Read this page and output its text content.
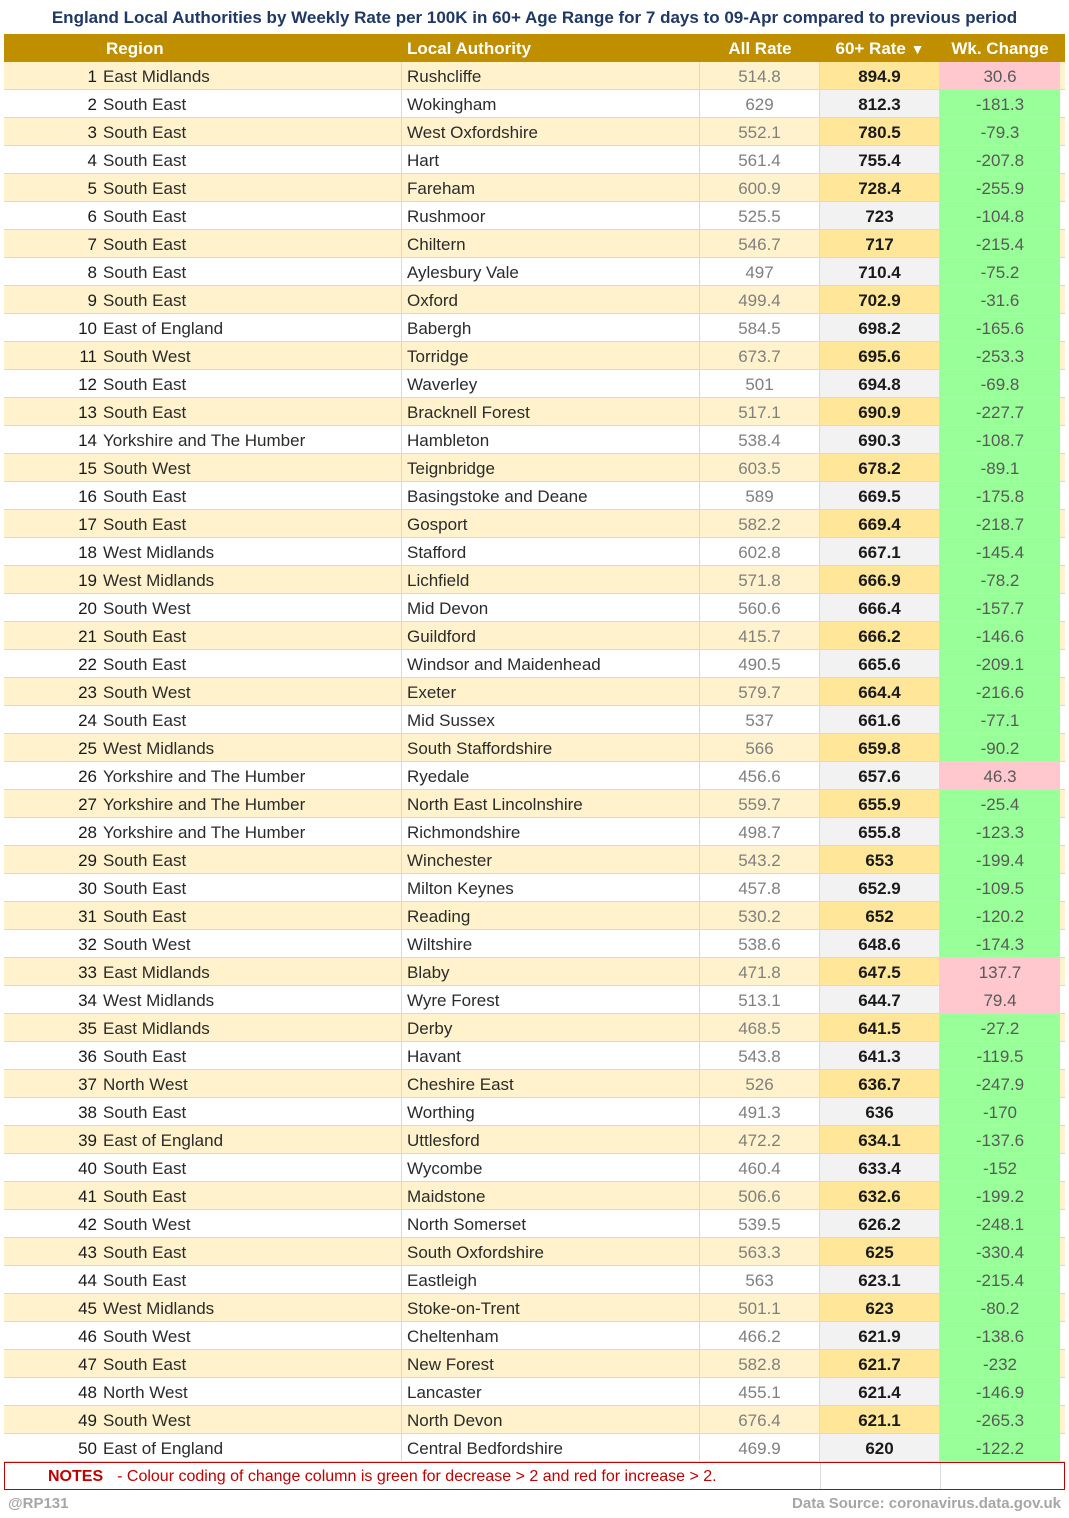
England Local Authorities by Weekly Rate per 100K in 60+ Age Range for 7 days to 09-Apr compared to previous period
Region	Local Authority	All Rate	60+ Rate ▼	Wk. Change
1 East Midlands	Rushcliffe	514.8	894.9	30.6
2 South East	Wokingham	629	812.3	-181.3
3 South East	West Oxfordshire	552.1	780.5	-79.3
4 South East	Hart	561.4	755.4	-207.8
5 South East	Fareham	600.9	728.4	-255.9
6 South East	Rushmoor	525.5	723	-104.8
7 South East	Chiltern	546.7	717	-215.4
8 South East	Aylesbury Vale	497	710.4	-75.2
9 South East	Oxford	499.4	702.9	-31.6
10 East of England	Babergh	584.5	698.2	-165.6
11 South West	Torridge	673.7	695.6	-253.3
12 South East	Waverley	501	694.8	-69.8
13 South East	Bracknell Forest	517.1	690.9	-227.7
14 Yorkshire and The Humber	Hambleton	538.4	690.3	-108.7
15 South West	Teignbridge	603.5	678.2	-89.1
16 South East	Basingstoke and Deane	589	669.5	-175.8
17 South East	Gosport	582.2	669.4	-218.7
18 West Midlands	Stafford	602.8	667.1	-145.4
19 West Midlands	Lichfield	571.8	666.9	-78.2
20 South West	Mid Devon	560.6	666.4	-157.7
21 South East	Guildford	415.7	666.2	-146.6
22 South East	Windsor and Maidenhead	490.5	665.6	-209.1
23 South West	Exeter	579.7	664.4	-216.6
24 South East	Mid Sussex	537	661.6	-77.1
25 West Midlands	South Staffordshire	566	659.8	-90.2
26 Yorkshire and The Humber	Ryedale	456.6	657.6	46.3
27 Yorkshire and The Humber	North East Lincolnshire	559.7	655.9	-25.4
28 Yorkshire and The Humber	Richmondshire	498.7	655.8	-123.3
29 South East	Winchester	543.2	653	-199.4
30 South East	Milton Keynes	457.8	652.9	-109.5
31 South East	Reading	530.2	652	-120.2
32 South West	Wiltshire	538.6	648.6	-174.3
33 East Midlands	Blaby	471.8	647.5	137.7
34 West Midlands	Wyre Forest	513.1	644.7	79.4
35 East Midlands	Derby	468.5	641.5	-27.2
36 South East	Havant	543.8	641.3	-119.5
37 North West	Cheshire East	526	636.7	-247.9
38 South East	Worthing	491.3	636	-170
39 East of England	Uttlesford	472.2	634.1	-137.6
40 South East	Wycombe	460.4	633.4	-152
41 South East	Maidstone	506.6	632.6	-199.2
42 South West	North Somerset	539.5	626.2	-248.1
43 South East	South Oxfordshire	563.3	625	-330.4
44 South East	Eastleigh	563	623.1	-215.4
45 West Midlands	Stoke-on-Trent	501.1	623	-80.2
46 South West	Cheltenham	466.2	621.9	-138.6
47 South East	New Forest	582.8	621.7	-232
48 North West	Lancaster	455.1	621.4	-146.9
49 South West	North Devon	676.4	621.1	-265.3
50 East of England	Central Bedfordshire	469.9	620	-122.2
NOTES - Colour coding of change column is green for decrease > 2 and red for increase > 2.
@RP131	Data Source: coronavirus.data.gov.uk
